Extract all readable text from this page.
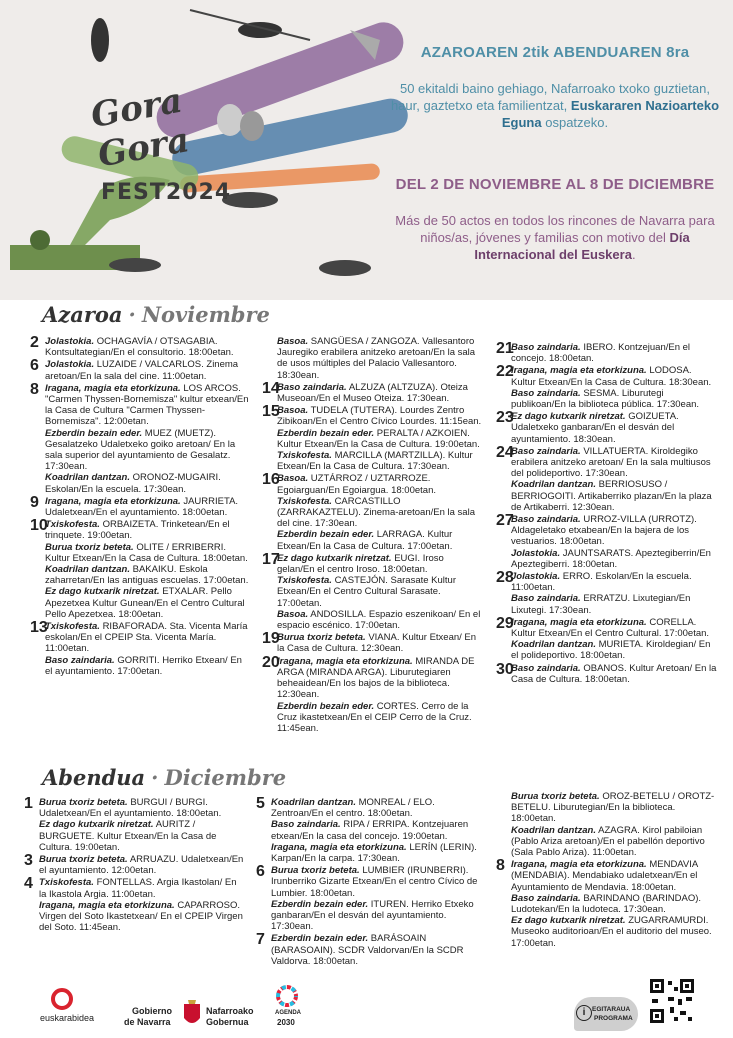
Gora Gora
FEST2024
AZAROAREN 2tik ABENDUAREN 8ra
50 ekitaldi baino gehiago, Nafarroako txoko guztietan, haur, gaztetxo eta familientzat, Euskararen Nazioarteko Eguna ospatzeko.
DEL 2 DE NOVIEMBRE AL 8 DE DICIEMBRE
Más de 50 actos en todos los rincones de Navarra para niños/as, jóvenes y familias con motivo del Día Internacional del Euskera.
Azaroa · Noviembre
2 Jolastokia. OCHAGAVÍA / OTSAGABIA. Kontsultategian/En el consultorio. 18:00etan.
6 Jolastokia. LUZAIDE / VALCARLOS. Zinema aretoan/En la sala del cine. 11:00etan.
8 Iragana, magia eta etorkizuna. LOS ARCOS. "Carmen Thyssen-Bornemisza" kultur etxean/En la Casa de Cultura "Carmen Thyssen-Bornemisza". 12:00etan.
Ezberdin bezain eder. MUEZ (MUETZ). Gesalatzeko Udaletxeko goiko aretoan/ En la sala superior del ayuntamiento de Gesalatz. 17:30ean.
Koadrilan dantzan. ORONOZ-MUGAIRI. Eskolan/En la escuela. 17:30ean.
9 Iragana, magia eta etorkizuna. JAURRIETA. Udaletxean/En el ayuntamiento. 18:00etan.
10
Txiskofesta. ORBAIZETA. Trinketean/En el trinquete. 19:00etan.
Burua txoriz beteta. OLITE / ERRIBERRI. Kultur Etxean/En la Casa de Cultura. 18:00etan.
Koadrilan dantzan. BAKAIKU. Eskola zaharretan/En las antiguas escuelas. 17:00etan.
Ez dago kutxarik niretzat. ETXALAR. Pello Apezetxea Kultur Gunean/En el Centro Cultural Pello Apezetxea. 18:00etan.
13
Txiskofesta. RIBAFORADA. Sta. Vicenta María eskolan/En el CPEIP Sta. Vicenta María. 11:00etan.
Baso zaindaria. GORRITI. Herriko Etxean/ En el ayuntamiento. 17:00etan.
Basoa. SANGÜESA / ZANGOZA. Vallesantoro Jauregiko erabilera anitzeko aretoan/En la sala de usos múltiples del Palacio Vallesantoro. 18:30ean.
14
Baso zaindaria. ALZUZA (ALTZUZA). Oteiza Museoan/En el Museo Oteiza. 17:30ean.
15
Basoa. TUDELA (TUTERA). Lourdes Zentro Zibikoan/En el Centro Cívico Lourdes. 11:15ean.
Ezberdin bezain eder. PERALTA / AZKOIEN. Kultur Etxean/En la Casa de Cultura. 19:00etan.
Txiskofesta. MARCILLA (MARTZILLA). Kultur Etxean/En la Casa de Cultura. 17:30ean.
16
Basoa. UZTÁRROZ / UZTARROZE. Egoiarguan/En Egoiargua. 18:00etan.
Txiskofesta. CARCASTILLO (ZARRAKAZTELU). Zinema-aretoan/En la sala del cine. 17:30ean.
Ezberdin bezain eder. LARRAGA. Kultur Etxean/En la Casa de Cultura. 17:00etan.
17
Ez dago kutxarik niretzat. EUGI. Iroso gelan/En el centro Iroso. 18:00etan.
Txiskofesta. CASTEJÓN. Sarasate Kultur Etxean/En el Centro Cultural Sarasate. 17:00etan.
Basoa. ANDOSILLA. Espazio eszenikoan/ En el espacio escénico. 17:00etan.
19
Burua txoriz beteta. VIANA. Kultur Etxean/ En la Casa de Cultura. 12:30ean.
20
Iragana, magia eta etorkizuna. MIRANDA DE ARGA (MIRANDA ARGA). Liburutegiaren beheaidean/En los bajos de la biblioteca. 12:30ean.
Ezberdin bezain eder. CORTES. Cerro de la Cruz ikastetxean/En el CEIP Cerro de la Cruz. 11:45ean.
21
Baso zaindaria. IBERO. Kontzejuan/En el concejo. 18:00etan.
22
Iragana, magia eta etorkizuna. LODOSA. Kultur Etxean/En la Casa de Cultura. 18:30ean.
Baso zaindaria. SESMA. Liburutegi publikoan/En la biblioteca pública. 17:30ean.
23
Ez dago kutxarik niretzat. GOIZUETA. Udaletxeko ganbaran/En el desván del ayuntamiento. 18:30ean.
24
Baso zaindaria. VILLATUERTA. Kiroldegiko erabilera anitzeko aretoan/ En la sala multiusos del polideportivo. 17:30ean.
Koadrilan dantzan. BERRIOSUSO / BERRIOGOITI. Artikaberriko plazan/En la plaza de Artikaberri. 12:30ean.
27
Baso zaindaria. URROZ-VILLA (URROTZ). Aldageletako etxabean/En la bajera de los vestuarios. 18:00etan.
Jolastokia. JAUNTSARATS. Apeztegiberrin/En Apeztegiberri. 18:00etan.
28
Jolastokia. ERRO. Eskolan/En la escuela. 11:00etan.
Baso zaindaria. ERRATZU. Lixutegian/En Lixutegi. 17:30ean.
29
Iragana, magia eta etorkizuna. CORELLA. Kultur Etxean/En el Centro Cultural. 17:00etan.
Koadrilan dantzan. MURIETA. Kiroldegian/ En el polideportivo. 18:00etan.
30
Baso zaindaria. OBANOS. Kultur Aretoan/ En la Casa de Cultura. 18:00etan.
Abendua · Diciembre
1 Burua txoriz beteta. BURGUI / BURGI. Udaletxean/En el ayuntamiento. 18:00etan.
Ez dago kutxarik niretzat. AURITZ / BURGUETE. Kultur Etxean/En la Casa de Cultura. 19:00etan.
3 Burua txoriz beteta. ARRUAZU. Udaletxean/En el ayuntamiento. 12:00etan.
4 Txiskofesta. FONTELLAS. Argia Ikastolan/ En la Ikastola Argia. 11:00etan.
Iragana, magia eta etorkizuna. CAPARROSO. Virgen del Soto Ikastetxean/ En el CPEIP Virgen del Soto. 11:45ean.
5 Koadrilan dantzan. MONREAL / ELO. Zentroan/En el centro. 18:00etan.
Baso zaindaria. RIPA / ERRIPA. Kontzejuaren etxean/En la casa del concejo. 19:00etan.
Iragana, magia eta etorkizuna. LERÍN (LERIN). Karpan/En la carpa. 17:30ean.
6 Burua txoriz beteta. LUMBIER (IRUNBERRI). Irunberriko Gizarte Etxean/En el centro Cívico de Lumbier. 18:00etan.
Ezberdin bezain eder. ITUREN. Herriko Etxeko ganbaran/En el desván del ayuntamiento. 17:30ean.
7 Ezberdin bezain eder. BARÁSOAIN (BARASOAIN). SCDR Valdorvan/En la SCDR Valdorva. 18:00etan.
Burua txoriz beteta. OROZ-BETELU / OROTZ-BETELU. Liburutegian/En la biblioteca. 18:00etan.
Koadrilan dantzan. AZAGRA. Kirol pabiloian (Pablo Ariza aretoan)/En el pabellón deportivo (Sala Pablo Ariza). 11:00etan.
8 Iragana, magia eta etorkizuna. MENDAVIA (MENDABIA). Mendabiako udaletxean/En el Ayuntamiento de Mendavia. 18:00etan.
Baso zaindaria. BARINDANO (BARINDAO). Ludotekan/En la ludoteca. 17:30ean.
Ez dago kutxarik niretzat. ZUGARRAMURDI. Museoko auditorioan/En el auditorio del museo. 17:00etan.
euskarabidea
Gobierno
de Navarra
Nafarroako
Gobernua
AGENDA
2030
i	EGITARAUA
PROGRAMA
